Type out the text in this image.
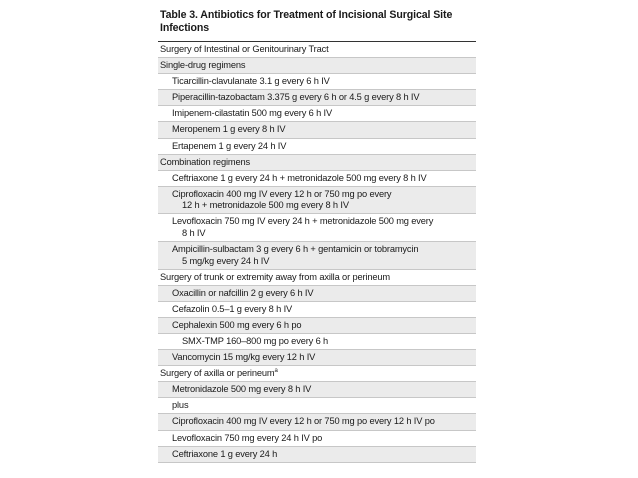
Table 3. Antibiotics for Treatment of Incisional Surgical Site
Infections
Surgery of Intestinal or Genitourinary Tract
Single-drug regimens
Ticarcillin-clavulanate 3.1 g every 6 h IV
Piperacillin-tazobactam 3.375 g every 6 h or 4.5 g every 8 h IV
Imipenem-cilastatin 500 mg every 6 h IV
Meropenem 1 g every 8 h IV
Ertapenem 1 g every 24 h IV
Combination regimens
Ceftriaxone 1 g every 24 h + metronidazole 500 mg every 8 h IV
Ciprofloxacin 400 mg IV every 12 h or 750 mg po every
12 h + metronidazole 500 mg every 8 h IV
Levofloxacin 750 mg IV every 24 h + metronidazole 500 mg every
8 h IV
Ampicillin-sulbactam 3 g every 6 h + gentamicin or tobramycin
5 mg/kg every 24 h IV
Surgery of trunk or extremity away from axilla or perineum
Oxacillin or nafcillin 2 g every 6 h IV
Cefazolin 0.5–1 g every 8 h IV
Cephalexin 500 mg every 6 h po
SMX-TMP 160–800 mg po every 6 h
Vancomycin 15 mg/kg every 12 h IV
Surgery of axilla or perineum$^a$
Metronidazole 500 mg every 8 h IV
plus
Ciprofloxacin 400 mg IV every 12 h or 750 mg po every 12 h IV po
Levofloxacin 750 mg every 24 h IV po
Ceftriaxone 1 g every 24 h
